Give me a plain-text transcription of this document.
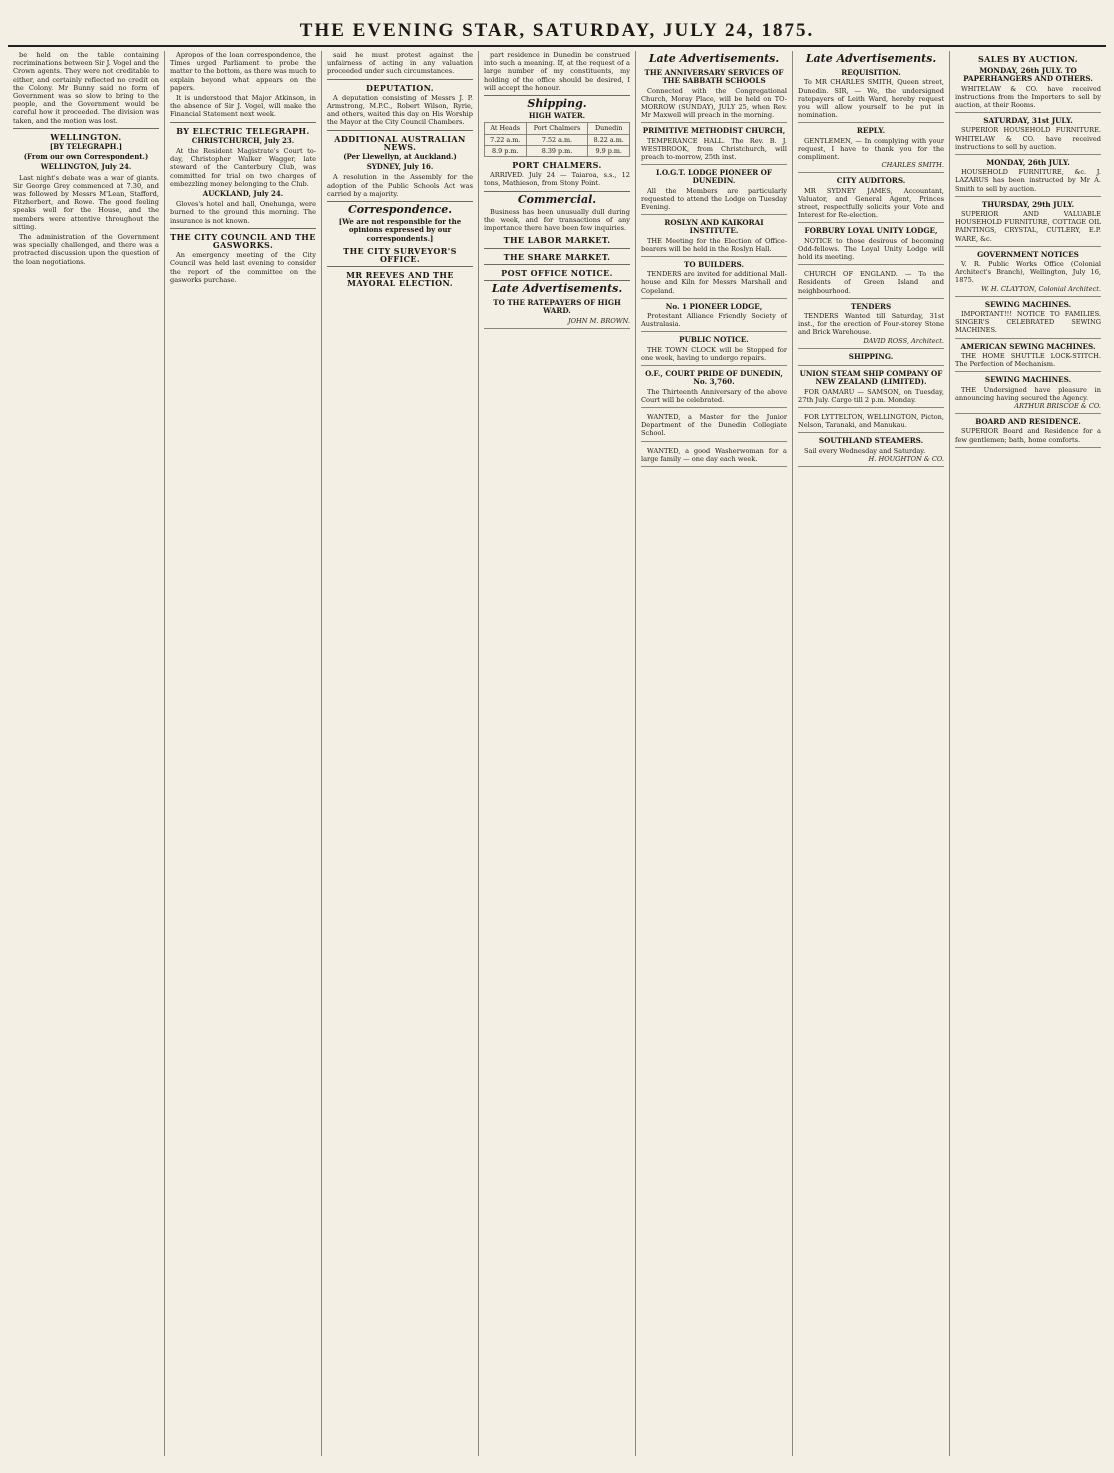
THE EVENING STAR, SATURDAY, JULY 24, 1875.

be held on the table containing recriminations between Sir J. Vogel and the Crown agents. They were not creditable to either, and certainly reflected no credit on the Colony. Mr Bunny said no form of Government was so slow to bring to the people, and the Government would be careful how it proceeded. The division was taken, and the motion was lost.

WELLINGTON.
[BY TELEGRAPH.]
(From our own Correspondent.)
WELLINGTON, July 24.

Last night's debate was a war of giants. Sir George Grey commenced at 7.30, and was followed by Messrs M'Lean, Stafford, Fitzherbert, and Rowe. The good feeling speaks well for the House, and the members were attentive throughout the sitting.

The administration of the Government was specially challenged, and there was a protracted discussion upon the question of the loan negotiations.

Apropos of the loan correspondence, the Times urged Parliament to probe the matter to the bottom, as there was much to explain beyond what appears on the papers.

It is understood that Major Atkinson, in the absence of Sir J. Vogel, will make the Financial Statement next week.

BY ELECTRIC TELEGRAPH.
CHRISTCHURCH, July 23.

At the Resident Magistrate's Court to-day, Christopher Walker Wagger, late steward of the Canterbury Club, was committed for trial on two charges of embezzling money belonging to the Club.

AUCKLAND, July 24.

Gloves's hotel and hall, Onehunga, were burned to the ground this morning. The insurance is not known.

THE CITY COUNCIL AND THE GASWORKS.

An emergency meeting of the City Council was held last evening to consider the report of the committee on the gasworks purchase.

said he must protest against the unfairness of acting in any valuation proceeded under such circumstances.

DEPUTATION.

A deputation consisting of Messrs J. P. Armstrong, M.P.C., Robert Wilson, Ryrie, and others, waited this day on His Worship the Mayor at the City Council Chambers.

ADDITIONAL AUSTRALIAN NEWS.
(Per Llewellyn, at Auckland.)
SYDNEY, July 16.

A resolution in the Assembly for the adoption of the Public Schools Act was carried by a majority.

Correspondence.
[We are not responsible for the opinions expressed by our correspondents.]
THE CITY SURVEYOR'S OFFICE.
MR REEVES AND THE MAYORAL ELECTION.

part residence in Dunedin be construed into such a meaning. If, at the request of a large number of my constituents, my holding of the office should be desired, I will accept the honour.

Shipping.
HIGH WATER.
At Heads	Port Chalmers	Dunedin
7.22 a.m.	7.52 a.m.	8.22 a.m.
8.9 p.m.	8.39 p.m.	9.9 p.m.
PORT CHALMERS.

ARRIVED. July 24 — Taiaroa, s.s., 12 tons, Mathieson, from Stony Point.

Commercial.

Business has been unusually dull during the week, and for transactions of any importance there have been few inquiries.

THE LABOR MARKET.
THE SHARE MARKET.
POST OFFICE NOTICE.
Late Advertisements.
TO THE RATEPAYERS OF HIGH WARD.
JOHN M. BROWN.
Late Advertisements.
THE ANNIVERSARY SERVICES OF THE SABBATH SCHOOLS

Connected with the Congregational Church, Moray Place, will be held on TO-MORROW (SUNDAY), JULY 25, when Rev. Mr Maxwell will preach in the morning.

PRIMITIVE METHODIST CHURCH,

TEMPERANCE HALL. The Rev. B. J. WESTBROOK, from Christchurch, will preach to-morrow, 25th inst.

I.O.G.T. LODGE PIONEER OF DUNEDIN.

All the Members are particularly requested to attend the Lodge on Tuesday Evening.

ROSLYN AND KAIKORAI INSTITUTE.

THE Meeting for the Election of Office-bearers will be held in the Roslyn Hall.

TO BUILDERS.

TENDERS are invited for additional Mall-house and Kiln for Messrs Marshall and Copeland.

No. 1 PIONEER LODGE,

Protestant Alliance Friendly Society of Australasia.

PUBLIC NOTICE.

THE TOWN CLOCK will be Stopped for one week, having to undergo repairs.

O.F., COURT PRIDE OF DUNEDIN, No. 3,760.

The Thirteenth Anniversary of the above Court will be celebrated.

WANTED, a Master for the Junior Department of the Dunedin Collegiate School.

WANTED, a good Washerwoman for a large family — one day each week.

Late Advertisements.
REQUISITION.

To MR CHARLES SMITH, Queen street, Dunedin. SIR, — We, the undersigned ratepayers of Leith Ward, hereby request you will allow yourself to be put in nomination.

REPLY.

GENTLEMEN, — In complying with your request, I have to thank you for the compliment.

CHARLES SMITH.
CITY AUDITORS.

MR SYDNEY JAMES, Accountant, Valuator, and General Agent, Princes street, respectfully solicits your Vote and Interest for Re-election.

FORBURY LOYAL UNITY LODGE,

NOTICE to those desirous of becoming Odd-fellows. The Loyal Unity Lodge will hold its meeting.

CHURCH OF ENGLAND. — To the Residents of Green Island and neighbourhood.

TENDERS

TENDERS Wanted till Saturday, 31st inst., for the erection of Four-storey Stone and Brick Warehouse.

DAVID ROSS, Architect.
SHIPPING.

UNION STEAM SHIP COMPANY OF NEW ZEALAND (LIMITED).

FOR OAMARU — SAMSON, on Tuesday, 27th July. Cargo till 2 p.m. Monday.

FOR LYTTELTON, WELLINGTON, Picton, Nelson, Taranaki, and Manukau.

SOUTHLAND STEAMERS.

Sail every Wednesday and Saturday.

H. HOUGHTON & CO.
SALES BY AUCTION.
MONDAY, 26th JULY. TO PAPERHANGERS AND OTHERS.

WHITELAW & CO. have received instructions from the Importers to sell by auction, at their Rooms.

SATURDAY, 31st JULY.

SUPERIOR HOUSEHOLD FURNITURE. WHITELAW & CO. have received instructions to sell by auction.

MONDAY, 26th JULY.

HOUSEHOLD FURNITURE, &c. J. LAZARUS has been instructed by Mr A. Smith to sell by auction.

THURSDAY, 29th JULY.

SUPERIOR AND VALUABLE HOUSEHOLD FURNITURE, COTTAGE OIL PAINTINGS, CRYSTAL, CUTLERY, E.P. WARE, &c.

GOVERNMENT NOTICES

V. R. Public Works Office (Colonial Architect's Branch), Wellington, July 16, 1875.

W. H. CLAYTON, Colonial Architect.
SEWING MACHINES.

IMPORTANT!!! NOTICE TO FAMILIES. SINGER'S CELEBRATED SEWING MACHINES.

AMERICAN SEWING MACHINES.

THE HOME SHUTTLE LOCK-STITCH. The Perfection of Mechanism.

SEWING MACHINES.

THE Undersigned have pleasure in announcing having secured the Agency.

ARTHUR BRISCOE & CO.
BOARD AND RESIDENCE.

SUPERIOR Board and Residence for a few gentlemen; bath, home comforts.
